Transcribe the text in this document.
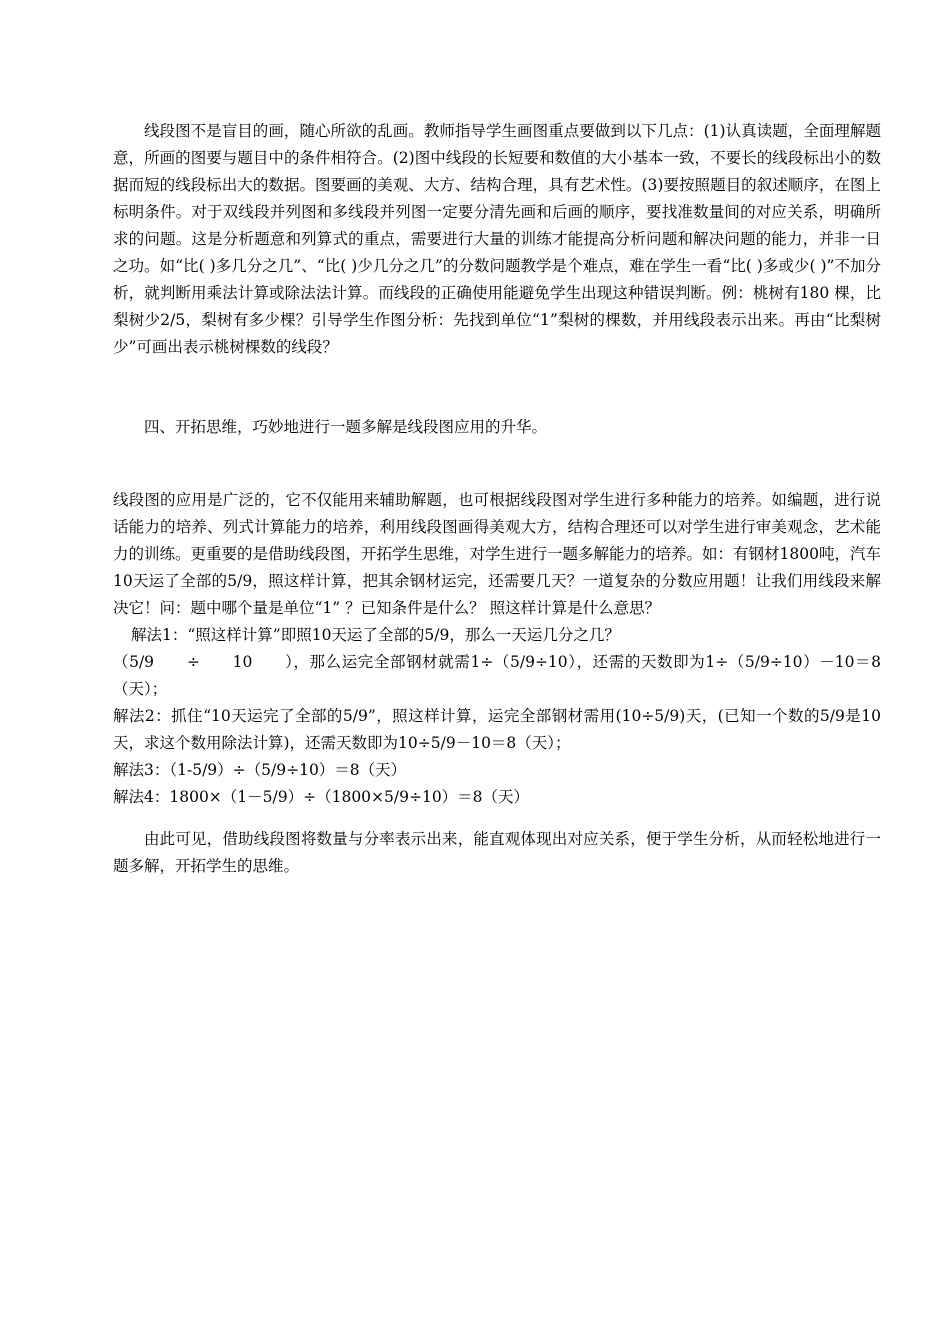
线段图不是盲目的画，随心所欲的乱画。教师指导学生画图重点要做到以下几点：(1)认真读题，全面理解题意，所画的图要与题目中的条件相符合。(2)图中线段的长短要和数值的大小基本一致，不要长的线段标出小的数据而短的线段标出大的数据。图要画的美观、大方、结构合理，具有艺术性。(3)要按照题目的叙述顺序，在图上标明条件。对于双线段并列图和多线段并列图一定要分清先画和后画的顺序，要找准数量间的对应关系，明确所求的问题。这是分析题意和列算式的重点，需要进行大量的训练才能提高分析问题和解决问题的能力，并非一日之功。如“比( )多几分之几”、“比( )少几分之几”的分数问题教学是个难点，难在学生一看“比( )多或少( )”不加分析，就判断用乘法计算或除法法计算。而线段的正确使用能避免学生出现这种错误判断。例：桃树有180 棵，比梨树少2/5，梨树有多少棵？引导学生作图分析：先找到单位“1”梨树的棵数，并用线段表示出来。再由“比梨树少”可画出表示桃树棵数的线段？
四、开拓思维，巧妙地进行一题多解是线段图应用的升华。
线段图的应用是广泛的，它不仅能用来辅助解题，也可根据线段图对学生进行多种能力的培养。如编题，进行说话能力的培养、列式计算能力的培养，利用线段图画得美观大方，结构合理还可以对学生进行审美观念，艺术能力的训练。更重要的是借助线段图，开拓学生思维，对学生进行一题多解能力的培养。如：有钢材1800吨，汽车10天运了全部的5/9，照这样计算，把其余钢材运完，还需要几天？一道复杂的分数应用题！让我们用线段来解决它！问：题中哪个量是单位“1” ？已知条件是什么？ 照这样计算是什么意思？
解法1：“照这样计算”即照10天运了全部的5/9，那么一天运几分之几？
（5/9　　÷　　10　　），那么运完全部钢材就需1÷（5/9÷10），还需的天数即为1÷（5/9÷10）－10＝8（天）；
解法2：抓住“10天运完了全部的5/9”，照这样计算，运完全部钢材需用(10÷5/9)天，(已知一个数的5/9是10天，求这个数用除法计算)，还需天数即为10÷5/9－10＝8（天）；
解法3：（1-5/9）÷（5/9÷10）＝8（天）
解法4：1800×（1－5/9）÷（1800×5/9÷10）＝8（天）
由此可见，借助线段图将数量与分率表示出来，能直观体现出对应关系，便于学生分析，从而轻松地进行一题多解，开拓学生的思维。
